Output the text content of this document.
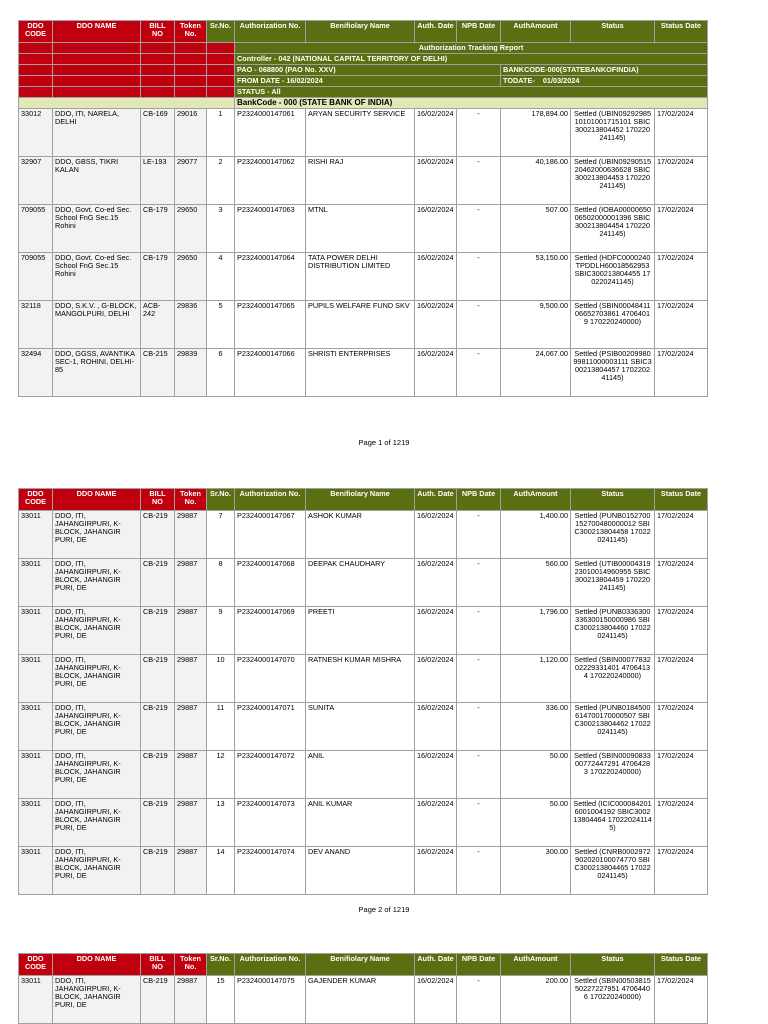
					Authorization Tracking Report						
					Controller - 042 (NATIONAL CAPITAL TERRITORY OF DELHI)						
					PAO - 068800 (PAO No. XXV)				BANKCODE-000(STATEBANKOFINDIA)		
					FROM DATE - 16/02/2024				TODATE- 01/03/2024		
					STATUS - All						
					BankCode - 000 (STATE BANK OF INDIA)						
DDO CODE	DDO NAME	BILL NO	Token No.	Sr.No.	Authorization No.	Benifiolary Name	Auth. Date	NPB Date	AuthAmount	Status	Status Date
33012	DDO, ITI, NARELA, DELHI	CB-169	29016	1	P2324000147061	ARYAN SECURITY SERVICE	16/02/2024	-	178,894.00	Settled (UBIN0929298510101001715101 SBIC300213804452 170220241145)	17/02/2024
32907	DDO, GBSS, TIKRI KALAN	LE-193	29077	2	P2324000147062	RISHI RAJ	16/02/2024	-	40,186.00	Settled (UBIN0929051520462000636628 SBIC300213804453 170220241145)	17/02/2024
709055	DDO, Govt. Co-ed Sec. School FnG Sec.15 Rohini	CB-179	29650	3	P2324000147063	MTNL	16/02/2024	-	507.00	Settled (IOBA0000065006502000001396 SBIC300213804454 170220241145)	17/02/2024
709055	DDO, Govt. Co-ed Sec. School FnG Sec.15 Rohini	CB-179	29650	4	P2324000147064	TATA POWER DELHI DISTRIBUTION LIMITED	16/02/2024	-	53,150.00	Settled (HDFC0000240TPDDLH60018562953 SBIC300213804455 170220241145)	17/02/2024
32118	DDO, S.K.V. , G-BLOCK, MANGOLPURI, DELHI	ACB-242	29836	5	P2324000147065	PUPILS WELFARE FUND SKV	16/02/2024	-	9,500.00	Settled (SBIN0004841106652703861 47064019 170220240000)	17/02/2024
32494	DDO, GGSS, AVANTIKA SEC-1, ROHINI, DELHI-85	CB-215	29839	6	P2324000147066	SHRISTI ENTERPRISES	16/02/2024	-	24,067.00	Settled (PSIB0020998099811000003111 SBIC300213804457 170220241145)	17/02/2024
Page 1 of 1219
DDO CODE	DDO NAME	BILL NO	Token No.	Sr.No.	Authorization No.	Benifiolary Name	Auth. Date	NPB Date	AuthAmount	Status	Status Date
33011	DDO, ITI, JAHANGIRPURI, K-BLOCK, JAHANGIR PURI, DE	CB-219	29887	7	P2324000147067	ASHOK KUMAR	16/02/2024	-	1,400.00	Settled (PUNB0152700152700480000012 SBIC300213804458 170220241145)	17/02/2024
33011	DDO, ITI, JAHANGIRPURI, K-BLOCK, JAHANGIR PURI, DE	CB-219	29887	8	P2324000147068	DEEPAK CHAUDHARY	16/02/2024	-	560.00	Settled (UTIB0000431923010014960955 SBIC300213804459 170220241145)	17/02/2024
33011	DDO, ITI, JAHANGIRPURI, K-BLOCK, JAHANGIR PURI, DE	CB-219	29887	9	P2324000147069	PREETI	16/02/2024	-	1,796.00	Settled (PUNB0336300336300150000986 SBIC300213804460 170220241145)	17/02/2024
33011	DDO, ITI, JAHANGIRPURI, K-BLOCK, JAHANGIR PURI, DE	CB-219	29887	10	P2324000147070	RATNESH KUMAR MISHRA	16/02/2024	-	1,120.00	Settled (SBIN0007783202229331401 47064134 170220240000)	17/02/2024
33011	DDO, ITI, JAHANGIRPURI, K-BLOCK, JAHANGIR PURI, DE	CB-219	29887	11	P2324000147071	SUNITA	16/02/2024	-	336.00	Settled (PUNB0184500614700170000507 SBIC300213804462 170220241145)	17/02/2024
33011	DDO, ITI, JAHANGIRPURI, K-BLOCK, JAHANGIR PURI, DE	CB-219	29887	12	P2324000147072	ANIL	16/02/2024	-	50.00	Settled (SBIN0009083300772447291 47064283 170220240000)	17/02/2024
33011	DDO, ITI, JAHANGIRPURI, K-BLOCK, JAHANGIR PURI, DE	CB-219	29887	13	P2324000147073	ANIL KUMAR	16/02/2024	-	50.00	Settled (ICIC0000842016001004192 SBIC300213804464 170220241145)	17/02/2024
33011	DDO, ITI, JAHANGIRPURI, K-BLOCK, JAHANGIR PURI, DE	CB-219	29887	14	P2324000147074	DEV ANAND	16/02/2024	-	300.00	Settled (CNRB0002972902020100074770 SBIC300213804465 170220241145)	17/02/2024
Page 2 of 1219
DDO CODE	DDO NAME	BILL NO	Token No.	Sr.No.	Authorization No.	Benifiolary Name	Auth. Date	NPB Date	AuthAmount	Status	Status Date
33011	DDO, ITI, JAHANGIRPURI, K-BLOCK, JAHANGIR PURI, DE	CB-219	29887	15	P2324000147075	GAJENDER KUMAR	16/02/2024	-	200.00	Settled (SBIN0050381550227227951 47064406 170220240000)	17/02/2024
